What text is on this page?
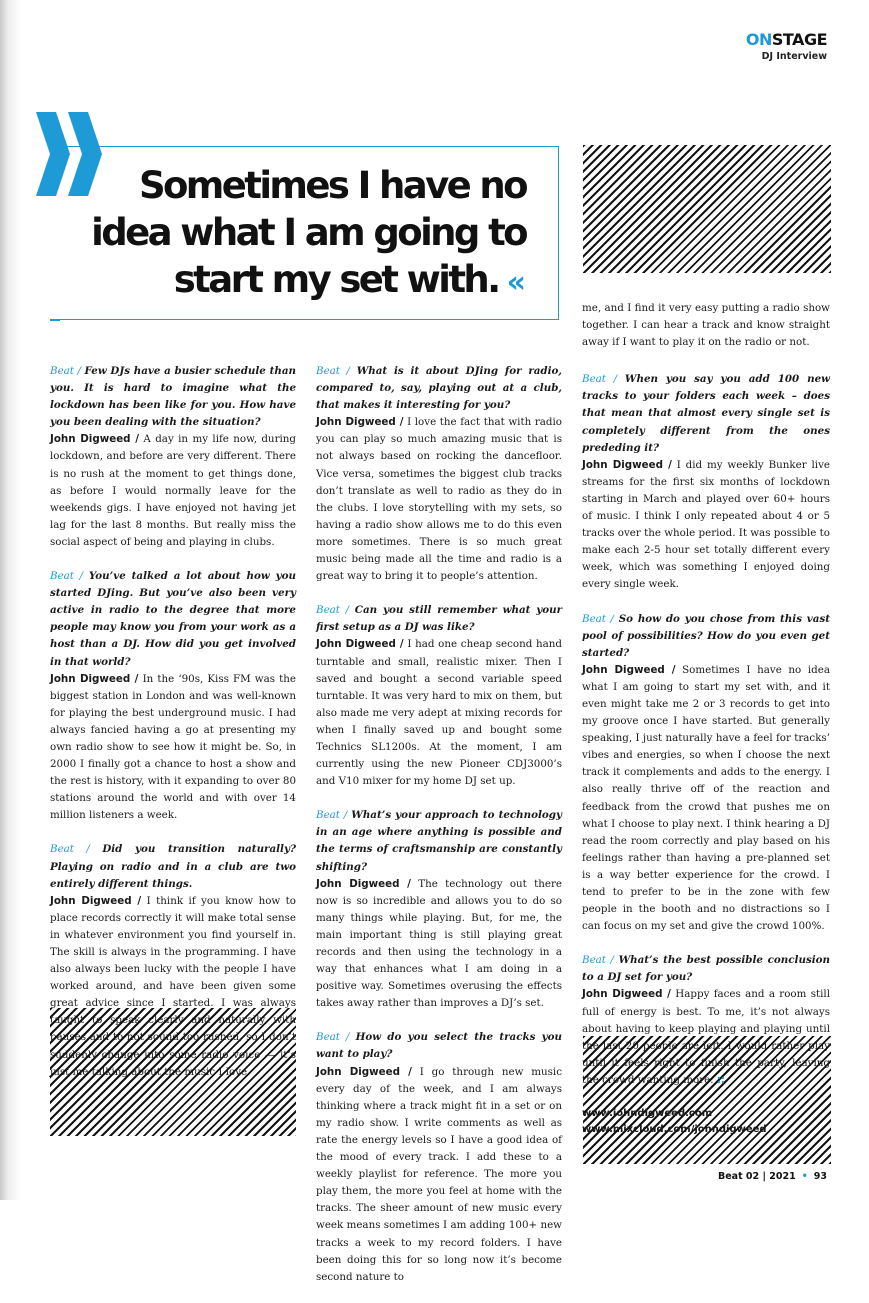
ONSTAGE
DJ Interview
Sometimes I have no idea what I am going to start my set with. «

Beat / Few DJs have a busier schedule than you. It is hard to imagine what the lockdown has been like for you. How have you been dealing with the situation?

John Digweed / A day in my life now, during lockdown, and before are very different. There is no rush at the moment to get things done, as before I would normally leave for the weekends gigs. I have enjoyed not having jet lag for the last 8 months. But really miss the social aspect of being and playing in clubs.

Beat / You’ve talked a lot about how you started DJing. But you’ve also been very active in radio to the degree that more people may know you from your work as a host than a DJ. How did you get involved in that world?

John Digweed / In the ‘90s, Kiss FM was the biggest station in London and was well-known for playing the best underground music. I had always fancied having a go at presenting my own radio show to see how it might be. So, in 2000 I finally got a chance to host a show and the rest is history, with it expanding to over 80 stations around the world and with over 14 million listeners a week.

Beat / Did you transition naturally? Playing on radio and in a club are two entirely different things.

John Digweed / I think if you know how to place records correctly it will make total sense in whatever environment you find yourself in. The skill is always in the programming. I have also always been lucky with the people I have worked around, and have been given some great advice since I started. I was always taught to speak clearly and naturally with pauses and to not sound too rushed, so I don’t suddenly change into some radio voice — it’s just me talking about the music I love.

Beat / What is it about DJing for radio, compared to, say, playing out at a club, that makes it interesting for you?

John Digweed / I love the fact that with radio you can play so much amazing music that is not always based on rocking the dancefloor. Vice versa, sometimes the biggest club tracks don’t translate as well to radio as they do in the clubs. I love storytelling with my sets, so having a radio show allows me to do this even more sometimes. There is so much great music being made all the time and radio is a great way to bring it to people’s attention.

Beat / Can you still remember what your first setup as a DJ was like?

John Digweed / I had one cheap second hand turntable and small, realistic mixer. Then I saved and bought a second variable speed turntable. It was very hard to mix on them, but also made me very adept at mixing records for when I finally saved up and bought some Technics SL1200s. At the moment, I am currently using the new Pioneer CDJ3000’s and V10 mixer for my home DJ set up.

Beat / What’s your approach to technology in an age where anything is possible and the terms of craftsmanship are constantly shifting?

John Digweed / The technology out there now is so incredible and allows you to do so many things while playing. But, for me, the main important thing is still playing great records and then using the technology in a way that enhances what I am doing in a positive way. Sometimes overusing the effects takes away rather than improves a DJ’s set.

Beat / How do you select the tracks you want to play?

John Digweed / I go through new music every day of the week, and I am always thinking where a track might fit in a set or on my radio show. I write comments as well as rate the energy levels so I have a good idea of the mood of every track. I add these to a weekly playlist for reference. The more you play them, the more you feel at home with the tracks. The sheer amount of new music every week means sometimes I am adding 100+ new tracks a week to my record folders. I have been doing this for so long now it’s become second nature to

me, and I find it very easy putting a radio show together. I can hear a track and know straight away if I want to play it on the radio or not.

Beat / When you say you add 100 new tracks to your folders each week – does that mean that almost every single set is completely different from the ones prededing it?

John Digweed / I did my weekly Bunker live streams for the first six months of lockdown starting in March and played over 60+ hours of music. I think I only repeated about 4 or 5 tracks over the whole period. It was possible to make each 2-5 hour set totally different every week, which was something I enjoyed doing every single week.

Beat / So how do you chose from this vast pool of possibilities? How do you even get started?

John Digweed / Sometimes I have no idea what I am going to start my set with, and it even might take me 2 or 3 records to get into my groove once I have started. But generally speaking, I just naturally have a feel for tracks’ vibes and energies, so when I choose the next track it complements and adds to the energy. I also really thrive off of the reaction and feedback from the crowd that pushes me on what I choose to play next. I think hearing a DJ read the room correctly and play based on his feelings rather than having a pre-planned set is a way better experience for the crowd. I tend to prefer to be in the zone with few people in the booth and no distractions so I can focus on my set and give the crowd 100%.

Beat / What’s the best possible conclusion to a DJ set for you?

John Digweed / Happy faces and a room still full of energy is best. To me, it’s not always about having to keep playing and playing until the last 20 people are left. I would rather play until it feels right to finish the party, leaving the crowd wanting more. ::

www.johndigweed.com
www.mixcloud.com/johndigweed
Beat 02 | 2021 • 93
